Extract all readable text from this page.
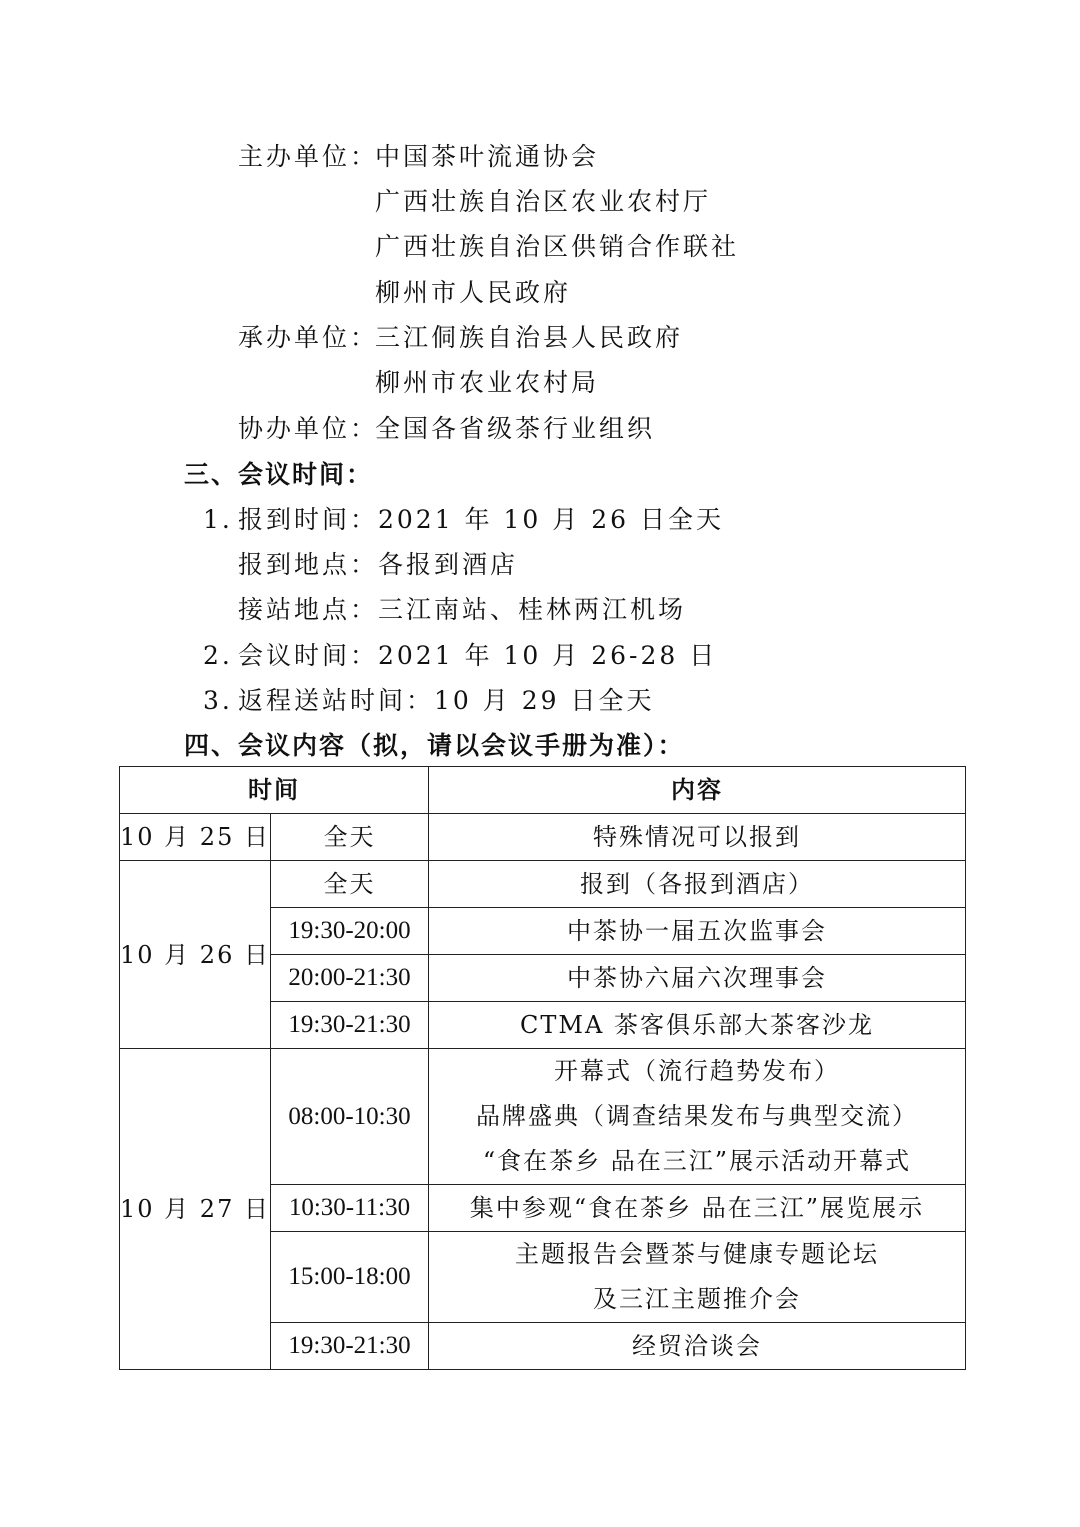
主办单位：
中国茶叶流通协会
广西壮族自治区农业农村厅
广西壮族自治区供销合作联社
柳州市人民政府
承办单位：
三江侗族自治县人民政府
柳州市农业农村局
协办单位：
全国各省级茶行业组织
三、会议时间：
1. 报到时间：2021 年 10 月 26 日全天
报到地点：各报到酒店
接站地点：三江南站、桂林两江机场
2. 会议时间：2021 年 10 月 26-28 日
3. 返程送站时间：10 月 29 日全天
四、会议内容（拟，请以会议手册为准）：
时间		内容
10 月 25 日	全天	特殊情况可以报到
10 月 26 日	全天	报到（各报到酒店）
	19:30-20:00	中茶协一届五次监事会
	20:00-21:30	中茶协六届六次理事会
	19:30-21:30	CTMA 茶客俱乐部大茶客沙龙
10 月 27 日	08:00-10:30	开幕式（流行趋势发布）
品牌盛典（调查结果发布与典型交流）
“食在茶乡 品在三江”展示活动开幕式

	10:30-11:30	集中参观“食在茶乡 品在三江”展览展示
	15:00-18:00	主题报告会暨茶与健康专题论坛
及三江主题推介会

	19:30-21:30	经贸洽谈会
